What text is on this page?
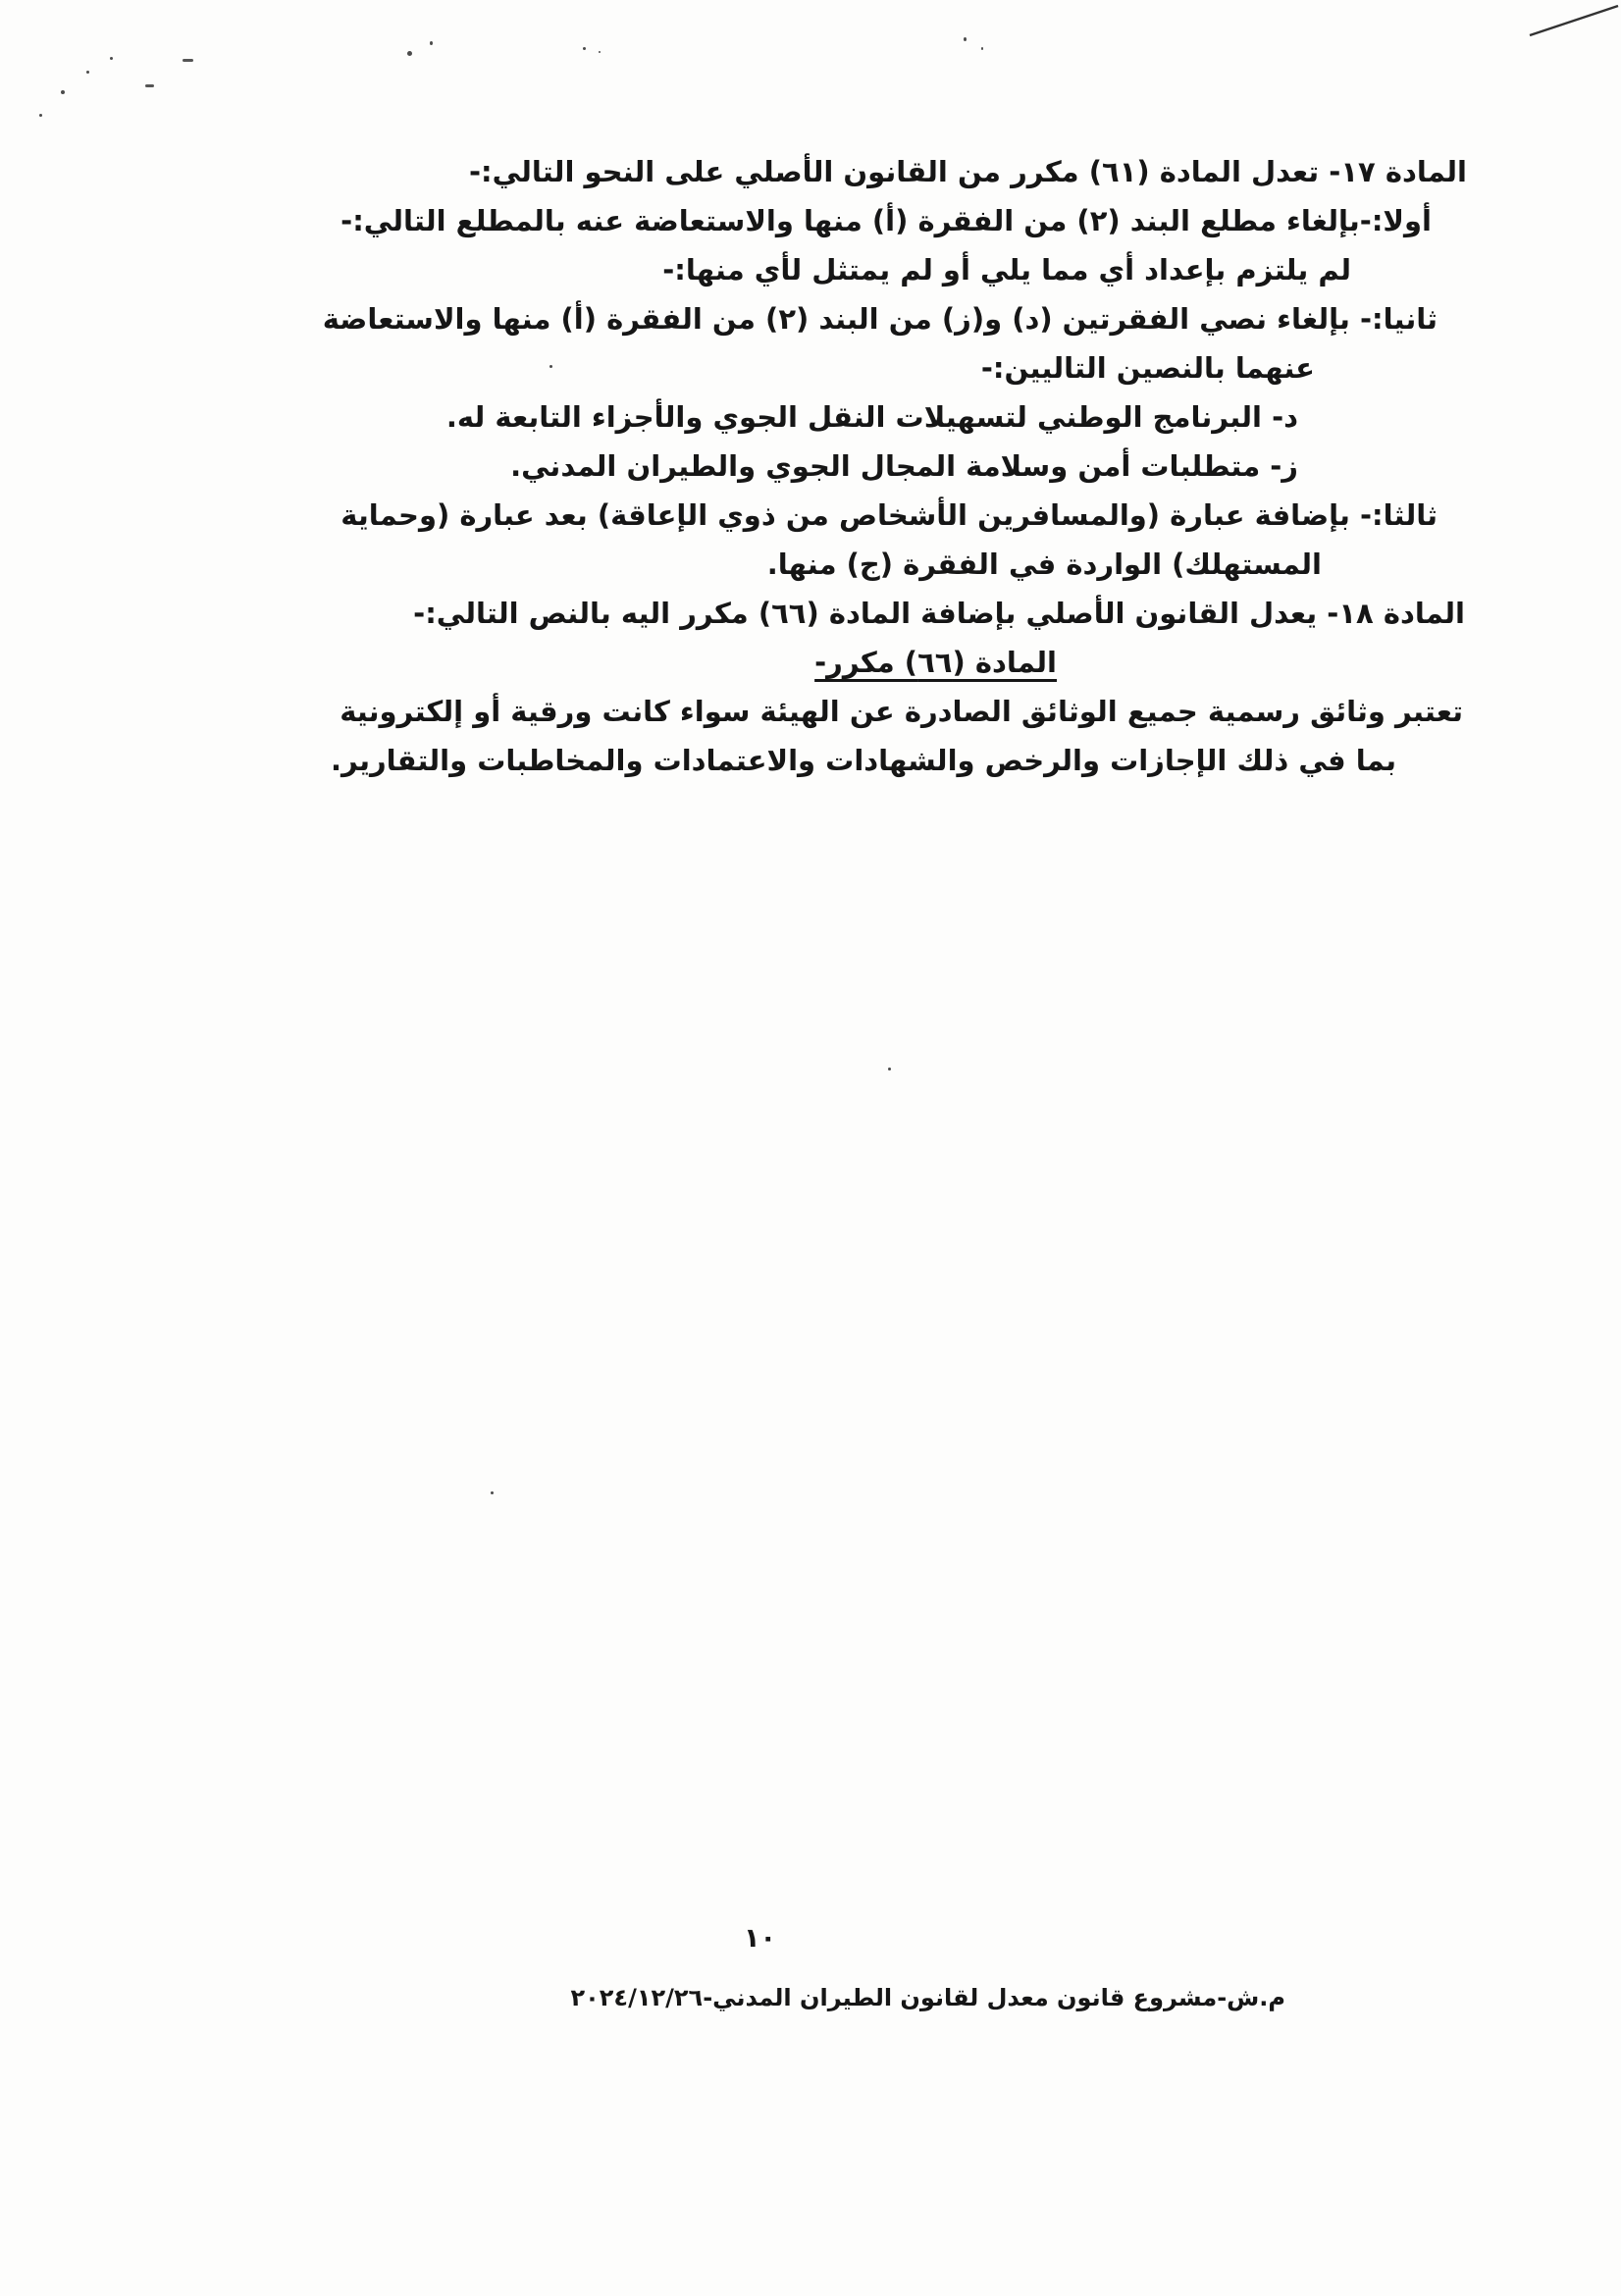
المادة ١٧- تعدل المادة (٦١) مكرر من القانون الأصلي على النحو التالي:-
أولا:-بإلغاء مطلع البند (٢) من الفقرة (أ) منها والاستعاضة عنه بالمطلع التالي:-
لم يلتزم بإعداد أي مما يلي أو لم يمتثل لأي منها:-
ثانيا:- بإلغاء نصي الفقرتين (د) و(ز) من البند (٢) من الفقرة (أ) منها والاستعاضة
عنهما بالنصين التاليين:-
د- البرنامج الوطني لتسهيلات النقل الجوي والأجزاء التابعة له.
ز- متطلبات أمن وسلامة المجال الجوي والطيران المدني.
ثالثا:- بإضافة عبارة (والمسافرين الأشخاص من ذوي الإعاقة) بعد عبارة (وحماية
المستهلك) الواردة في الفقرة (ج) منها.
المادة ١٨- يعدل القانون الأصلي بإضافة المادة (٦٦) مكرر اليه بالنص التالي:-
المادة (٦٦) مكرر-
تعتبر وثائق رسمية جميع الوثائق الصادرة عن الهيئة سواء كانت ورقية أو إلكترونية
بما في ذلك الإجازات والرخص والشهادات والاعتمادات والمخاطبات والتقارير.
١٠
م.ش-مشروع قانون معدل لقانون الطيران المدني-٢٠٢٤/١٢/٢٦
